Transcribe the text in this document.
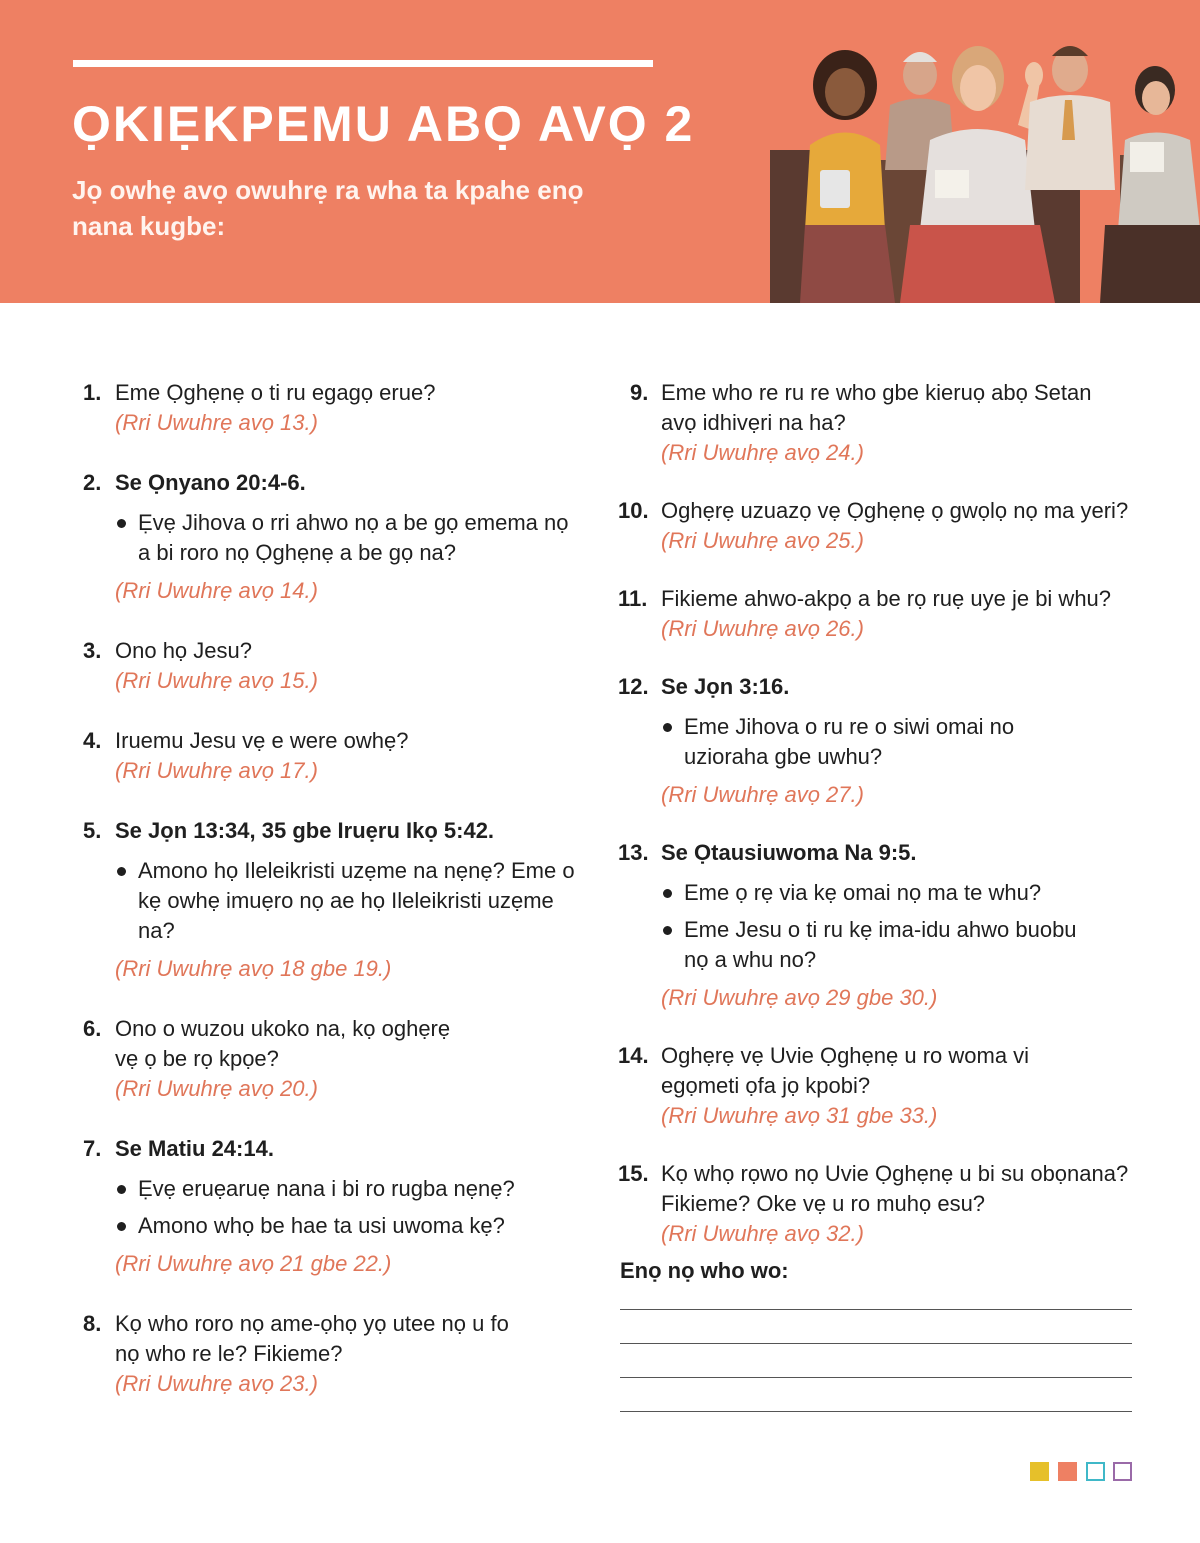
ỌKIẸKPEMU ABỌ AVỌ 2
Jọ owhẹ avọ owuhrẹ ra wha ta kpahe enọ nana kugbe:
1. Eme Ọghẹnẹ o ti ru egagọ erue?
(Rri Uwuhrẹ avọ 13.)
2. Se Ọnyano 20:4-6.
Ẹvẹ Jihova o rri ahwo nọ a be gọ emema nọ a bi roro nọ Ọghẹnẹ a be gọ na?
(Rri Uwuhrẹ avọ 14.)
3. Ono họ Jesu?
(Rri Uwuhrẹ avọ 15.)
4. Iruemu Jesu vẹ e were owhẹ?
(Rri Uwuhrẹ avọ 17.)
5. Se Jọn 13:34, 35 gbe Iruẹru Ikọ 5:42.
Amono họ Ileleikristi uzẹme na nẹnẹ? Eme o kẹ owhẹ imuẹro nọ ae họ Ileleikristi uzẹme na?
(Rri Uwuhrẹ avọ 18 gbe 19.)
6. Ono o wuzou ukoko na, kọ oghẹrẹ vẹ ọ be rọ kpọe?
(Rri Uwuhrẹ avọ 20.)
7. Se Matiu 24:14.
Ẹvẹ eruẹaruẹ nana i bi ro rugba nẹnẹ?
Amono whọ be hae ta usi uwoma kẹ?
(Rri Uwuhrẹ avọ 21 gbe 22.)
8. Kọ who roro nọ ame-ọhọ yọ utee nọ u fo nọ who re le? Fikieme?
(Rri Uwuhrẹ avọ 23.)
9. Eme who re ru re who gbe kieruọ abọ Setan avọ idhivẹri na ha?
(Rri Uwuhrẹ avọ 24.)
10. Oghẹrẹ uzuazọ vẹ Ọghẹnẹ ọ gwọlọ nọ ma yeri?
(Rri Uwuhrẹ avọ 25.)
11. Fikieme ahwo-akpọ a be rọ ruẹ uye je bi whu?
(Rri Uwuhrẹ avọ 26.)
12. Se Jọn 3:16.
Eme Jihova o ru re o siwi omai no uzioraha gbe uwhu?
(Rri Uwuhrẹ avọ 27.)
13. Se Ọtausiuwoma Na 9:5.
Eme ọ rẹ via kẹ omai nọ ma te whu?
Eme Jesu o ti ru kẹ ima-idu ahwo buobu nọ a whu no?
(Rri Uwuhrẹ avọ 29 gbe 30.)
14. Oghẹrẹ vẹ Uvie Ọghẹnẹ u ro woma vi egọmeti ọfa jọ kpobi?
(Rri Uwuhrẹ avọ 31 gbe 33.)
15. Kọ whọ rọwo nọ Uvie Ọghẹnẹ u bi su obọnana? Fikieme? Oke vẹ u ro muhọ esu?
(Rri Uwuhrẹ avọ 32.)
Enọ nọ who wo:
